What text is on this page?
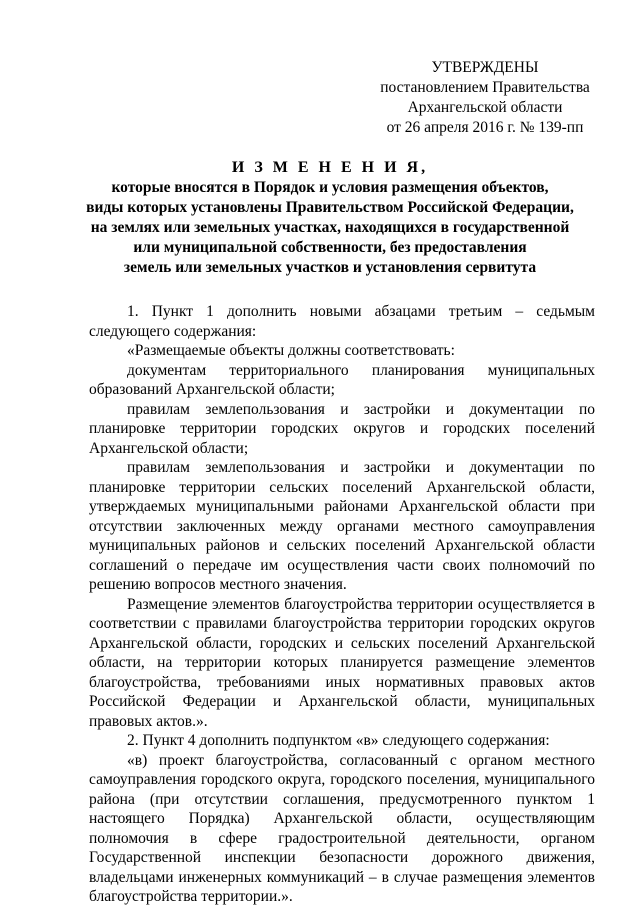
УТВЕРЖДЕНЫ
постановлением Правительства
Архангельской области
от 26 апреля 2016 г. № 139-пп
И З М Е Н Е Н И Я,
которые вносятся в Порядок и условия размещения объектов,
виды которых установлены Правительством Российской Федерации,
на землях или земельных участках, находящихся в государственной
или муниципальной собственности, без предоставления
земель или земельных участков и установления сервитута

1. Пункт 1 дополнить новыми абзацами третьим – седьмым следующего содержания:

«Размещаемые объекты должны соответствовать:

документам территориального планирования муниципальных образований Архангельской области;

правилам землепользования и застройки и документации по планировке территории городских округов и городских поселений Архангельской области;

правилам землепользования и застройки и документации по планировке территории сельских поселений Архангельской области, утверждаемых муниципальными районами Архангельской области при отсутствии заключенных между органами местного самоуправления муниципальных районов и сельских поселений Архангельской области соглашений о передаче им осуществления части своих полномочий по решению вопросов местного значения.

Размещение элементов благоустройства территории осуществляется в соответствии с правилами благоустройства территории городских округов Архангельской области, городских и сельских поселений Архангельской области, на территории которых планируется размещение элементов благоустройства, требованиями иных нормативных правовых актов Российской Федерации и Архангельской области, муниципальных правовых актов.».

2. Пункт 4 дополнить подпунктом «в» следующего содержания:

«в) проект благоустройства, согласованный с органом местного самоуправления городского округа, городского поселения, муниципального района (при отсутствии соглашения, предусмотренного пунктом 1 настоящего Порядка) Архангельской области, осуществляющим полномочия в сфере градостроительной деятельности, органом Государственной инспекции безопасности дорожного движения, владельцами инженерных коммуникаций – в случае размещения элементов благоустройства территории.».
